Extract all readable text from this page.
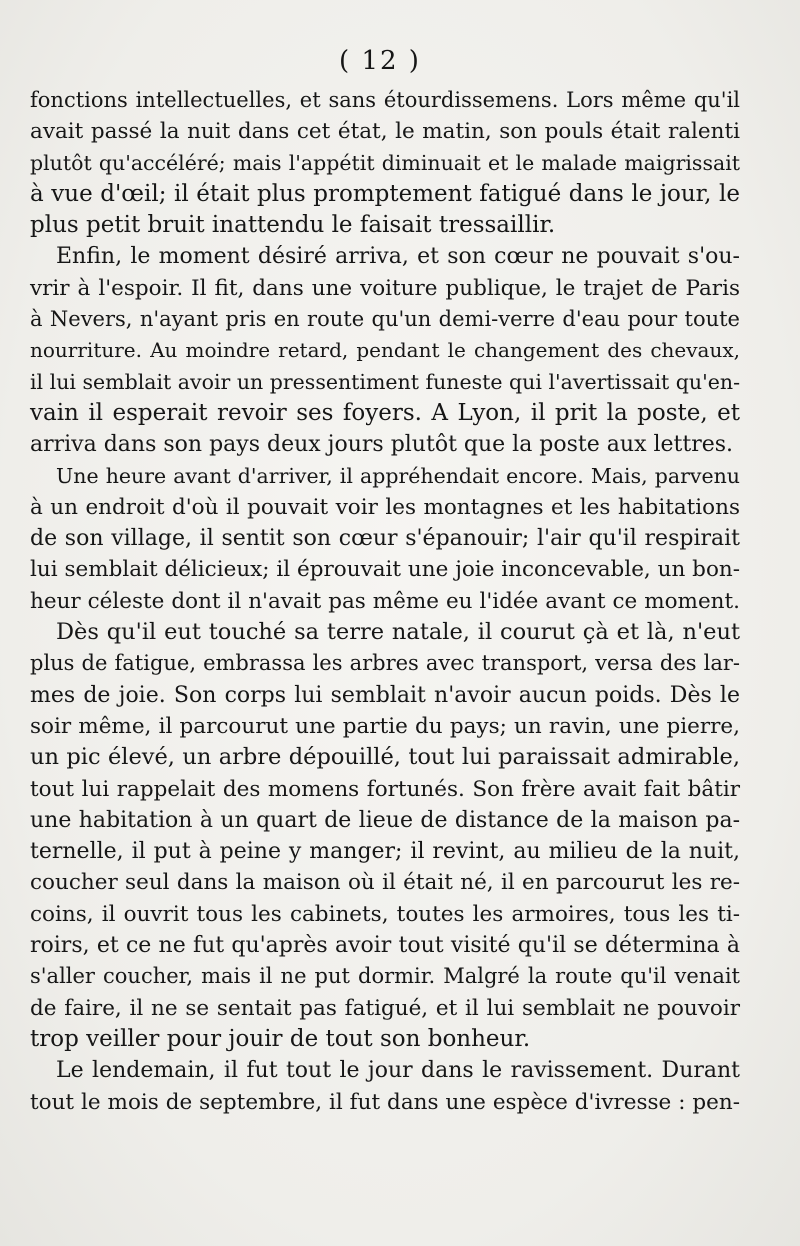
( 12 )
fonctions intellectuelles, et sans étourdissemens. Lors même qu'il
avait passé la nuit dans cet état, le matin, son pouls était ralenti
plutôt qu'accéléré; mais l'appétit diminuait et le malade maigrissait
à vue d'œil; il était plus promptement fatigué dans le jour, le
plus petit bruit inattendu le faisait tressaillir.
Enfin, le moment désiré arriva, et son cœur ne pouvait s'ou-
vrir à l'espoir. Il fit, dans une voiture publique, le trajet de Paris
à Nevers, n'ayant pris en route qu'un demi-verre d'eau pour toute
nourriture. Au moindre retard, pendant le changement des chevaux,
il lui semblait avoir un pressentiment funeste qui l'avertissait qu'en-
vain il esperait revoir ses foyers. A Lyon, il prit la poste, et
arriva dans son pays deux jours plutôt que la poste aux lettres.
Une heure avant d'arriver, il appréhendait encore. Mais, parvenu
à un endroit d'où il pouvait voir les montagnes et les habitations
de son village, il sentit son cœur s'épanouir; l'air qu'il respirait
lui semblait délicieux; il éprouvait une joie inconcevable, un bon-
heur céleste dont il n'avait pas même eu l'idée avant ce moment.
Dès qu'il eut touché sa terre natale, il courut çà et là, n'eut
plus de fatigue, embrassa les arbres avec transport, versa des lar-
mes de joie. Son corps lui semblait n'avoir aucun poids. Dès le
soir même, il parcourut une partie du pays; un ravin, une pierre,
un pic élevé, un arbre dépouillé, tout lui paraissait admirable,
tout lui rappelait des momens fortunés. Son frère avait fait bâtir
une habitation à un quart de lieue de distance de la maison pa-
ternelle, il put à peine y manger; il revint, au milieu de la nuit,
coucher seul dans la maison où il était né, il en parcourut les re-
coins, il ouvrit tous les cabinets, toutes les armoires, tous les ti-
roirs, et ce ne fut qu'après avoir tout visité qu'il se détermina à
s'aller coucher, mais il ne put dormir. Malgré la route qu'il venait
de faire, il ne se sentait pas fatigué, et il lui semblait ne pouvoir
trop veiller pour jouir de tout son bonheur.
Le lendemain, il fut tout le jour dans le ravissement. Durant
tout le mois de septembre, il fut dans une espèce d'ivresse : pen-
